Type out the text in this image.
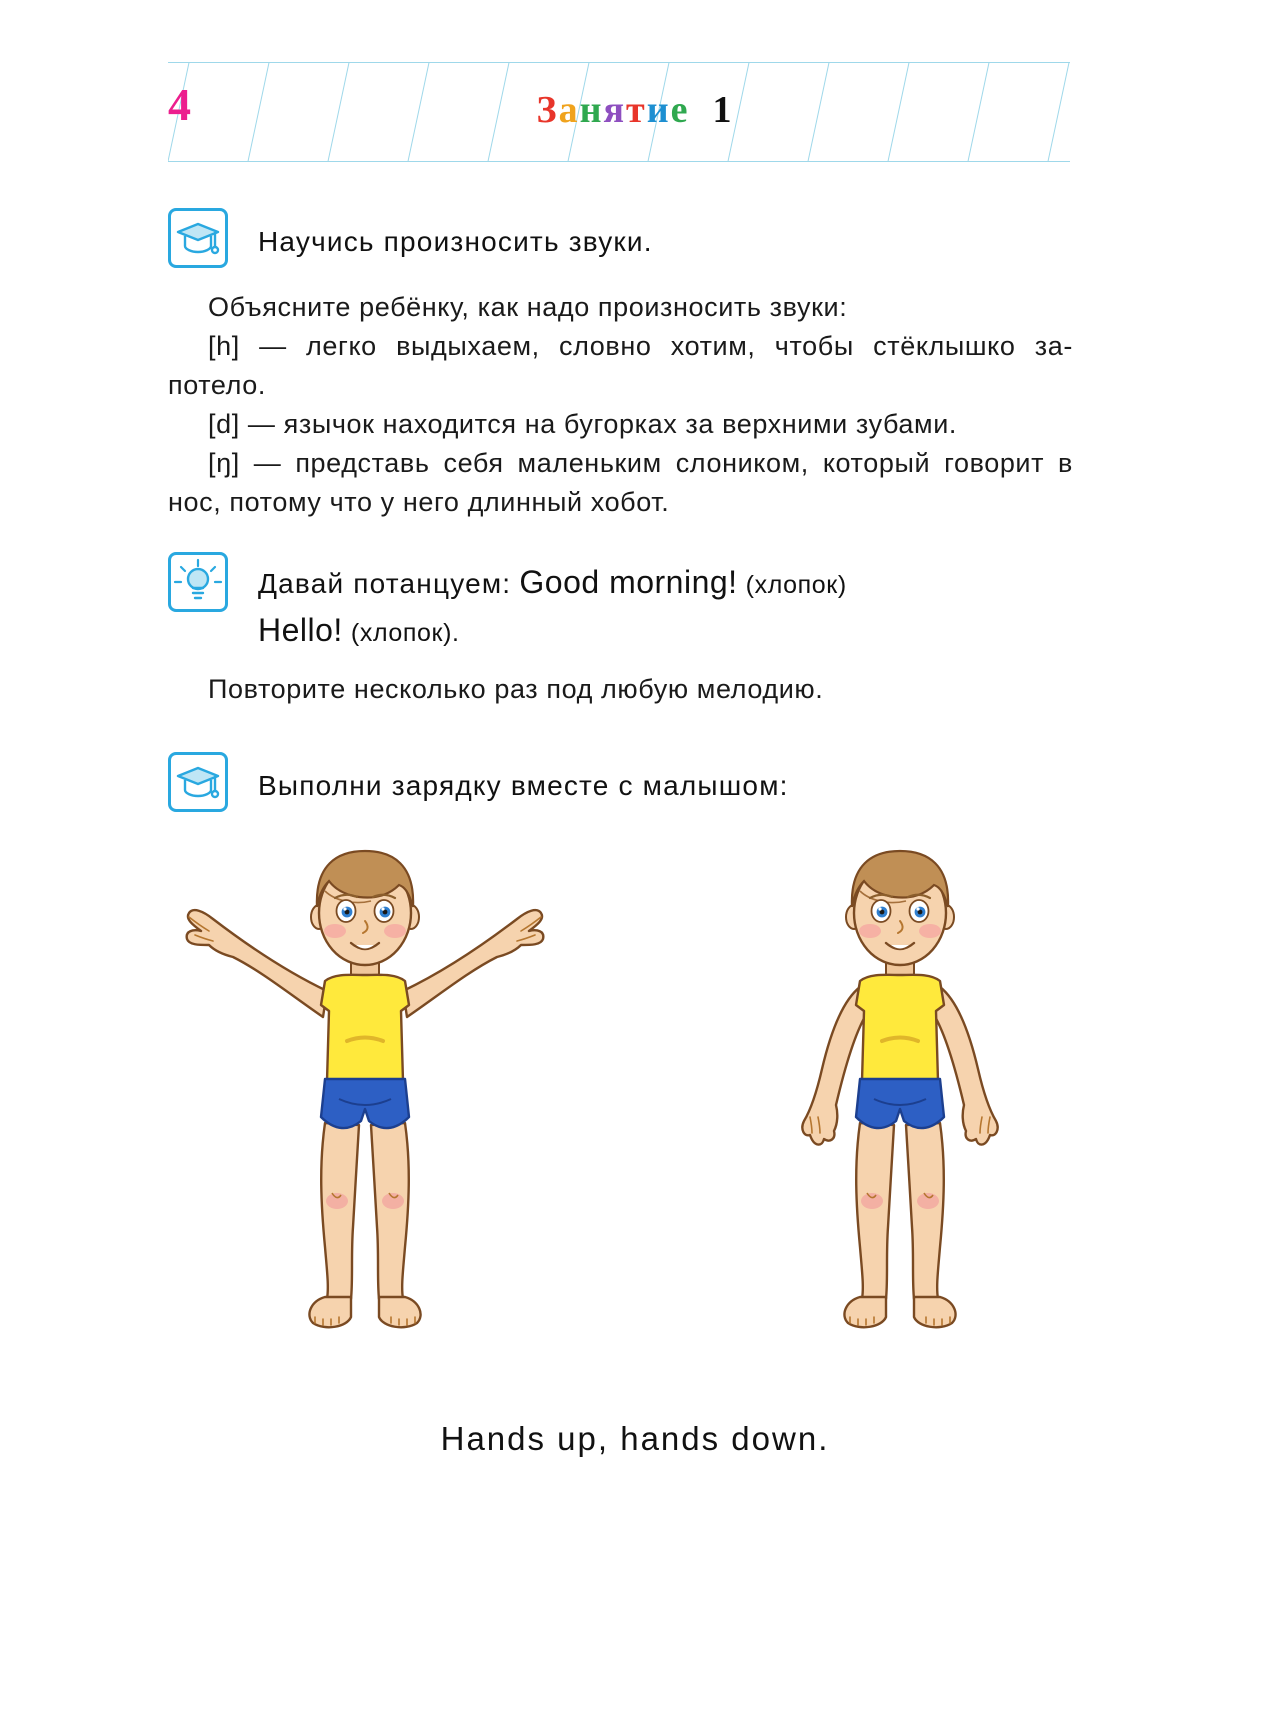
4	Занятие 1
Научись произносить звуки.
Объясните ребёнку, как надо произносить звуки:
[h] — легко выдыхаем, словно хотим, чтобы стёклышко за-потело.
[d] — язычок находится на бугорках за верхними зубами.
[ŋ] — представь себя маленьким слоником, который говорит в нос, потому что у него длинный хобот.
Давай потанцуем: Good morning! (хлопок)
Hello! (хлопок).
Повторите несколько раз под любую мелодию.
Выполни зарядку вместе с малышом:
Hands up, hands down.
